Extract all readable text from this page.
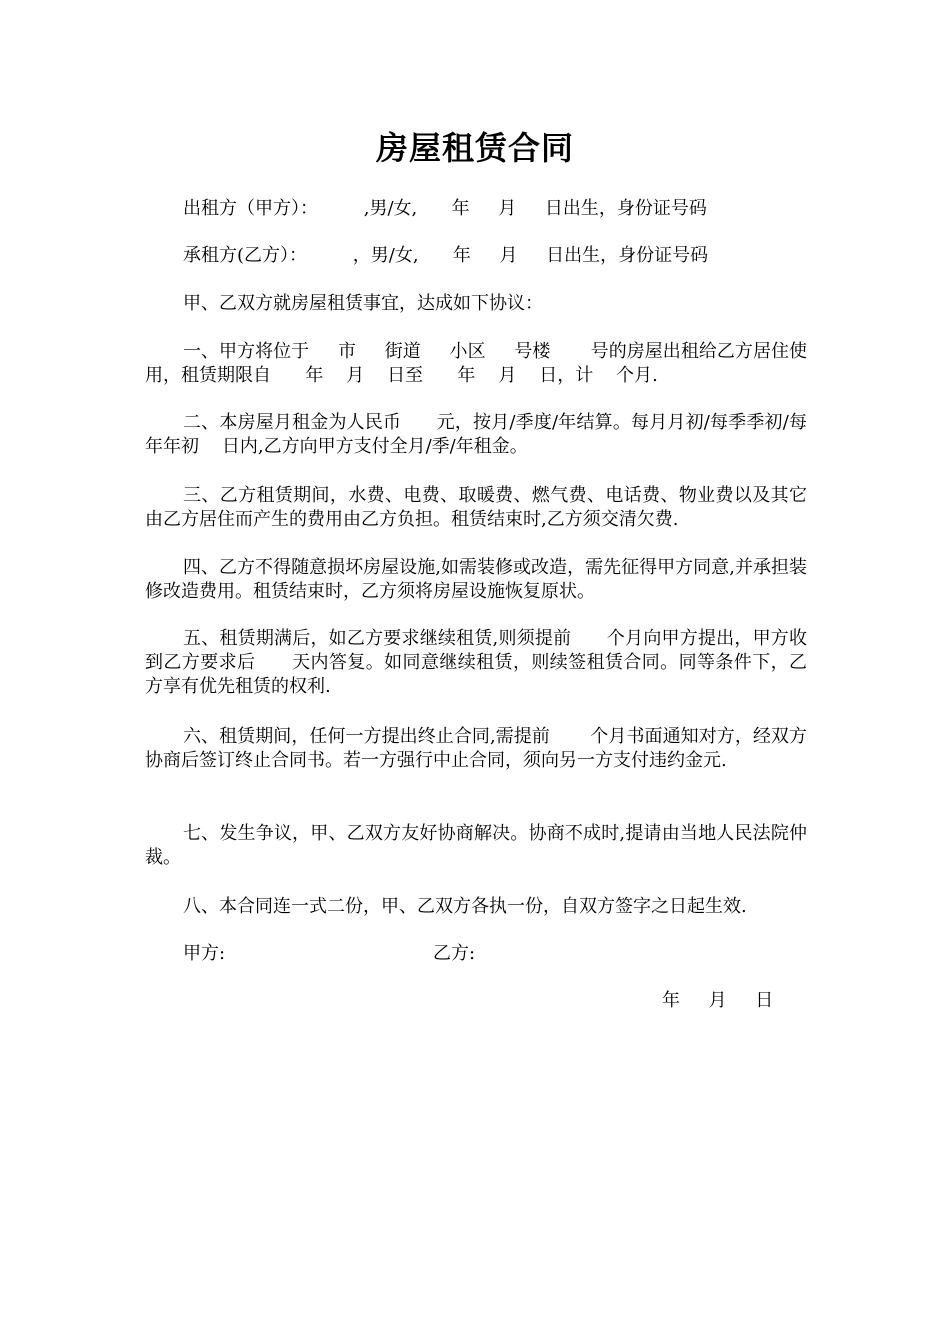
房屋租赁合同
出租方（甲方）：        ,男/女,      年     月     日出生，身份证号码
承租方(乙方）：        ，男/女,      年     月     日出生，身份证号码
甲、乙双方就房屋租赁事宜，达成如下协议：
一、甲方将位于     市     街道     小区     号楼       号的房屋出租给乙方居住使用，租赁期限自      年    月    日至      年    月    日，计    个月.
二、本房屋月租金为人民币      元，按月/季度/年结算。每月月初/每季季初/每年年初    日内,乙方向甲方支付全月/季/年租金。
三、乙方租赁期间，水费、电费、取暖费、燃气费、电话费、物业费以及其它由乙方居住而产生的费用由乙方负担。租赁结束时,乙方须交清欠费.
四、乙方不得随意损坏房屋设施,如需装修或改造，需先征得甲方同意,并承担装修改造费用。租赁结束时，乙方须将房屋设施恢复原状。
五、租赁期满后，如乙方要求继续租赁,则须提前      个月向甲方提出，甲方收到乙方要求后      天内答复。如同意继续租赁，则续签租赁合同。同等条件下，乙方享有优先租赁的权利.
六、租赁期间，任何一方提出终止合同,需提前       个月书面通知对方，经双方协商后签订终止合同书。若一方强行中止合同，须向另一方支付违约金元.
七、发生争议，甲、乙双方友好协商解决。协商不成时,提请由当地人民法院仲裁。
八、本合同连一式二份，甲、乙双方各执一份，自双方签字之日起生效.
甲方:	乙方:
年     月     日
